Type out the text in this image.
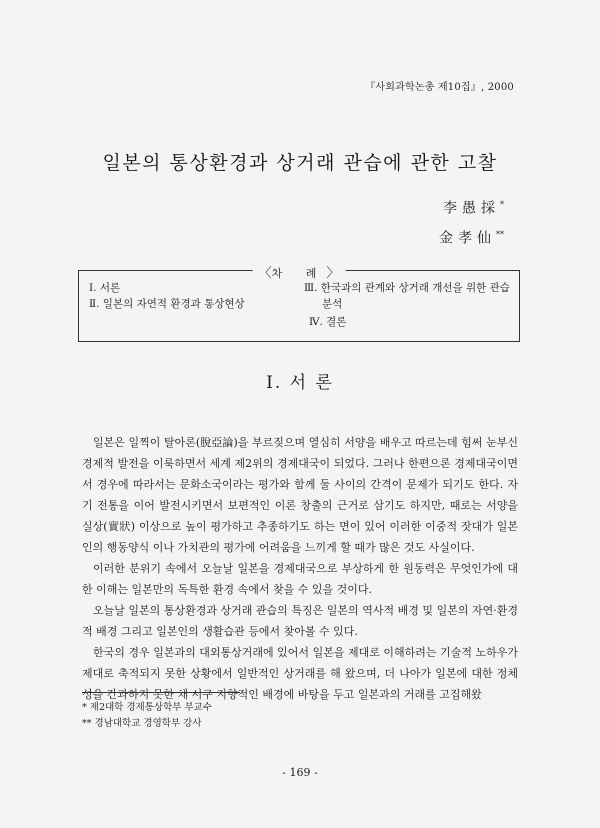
『사회과학논총 제10집』, 2000
일본의 통상환경과 상거래 관습에 관한 고찰
李愚採*
金孝仙**
〈차 례〉
Ⅰ. 서론
Ⅱ. 일본의 자연적 환경과 통상현상
Ⅲ. 한국과의 관계와 상거래 개선을 위한 관습
분석
Ⅳ. 결론
Ⅰ. 서 론

일본은 일찍이 탈아론(脫亞論)을 부르짖으며 열심히 서양을 배우고 따르는데 힘써 눈부신 경제적 발전을 이룩하면서 세계 제2위의 경제대국이 되었다. 그러나 한편으론 경제대국이면서 경우에 따라서는 문화소국이라는 평가와 함께 둘 사이의 간격이 문제가 되기도 한다. 자기 전통을 이어 발전시키면서 보편적인 이론 창출의 근거로 삼기도 하지만, 때로는 서양을 실상(實狀) 이상으로 높이 평가하고 추종하기도 하는 면이 있어 이러한 이중적 잣대가 일본인의 행동양식 이나 가치관의 평가에 어려움을 느끼게 할 때가 많은 것도 사실이다.

이러한 분위기 속에서 오늘날 일본을 경제대국으로 부상하게 한 원동력은 무엇인가에 대한 이해는 일본만의 독특한 환경 속에서 찾을 수 있을 것이다.

오늘날 일본의 통상환경과 상거래 관습의 특징은 일본의 역사적 배경 및 일본의 자연·환경적 배경 그리고 일본인의 생활습관 등에서 찾아볼 수 있다.

한국의 경우 일본과의 대외통상거래에 있어서 일본을 제대로 이해하려는 기술적 노하우가 제대로 축적되지 못한 상황에서 일반적인 상거래를 해 왔으며, 더 나아가 일본에 대한 정체성을 간과하지 못한 채 서구 지향적인 배경에 바탕을 두고 일본과의 거래를 고집해왔

* 제2대학 경제통상학부 부교수
** 경남대학교 경영학부 강사
- 169 -
